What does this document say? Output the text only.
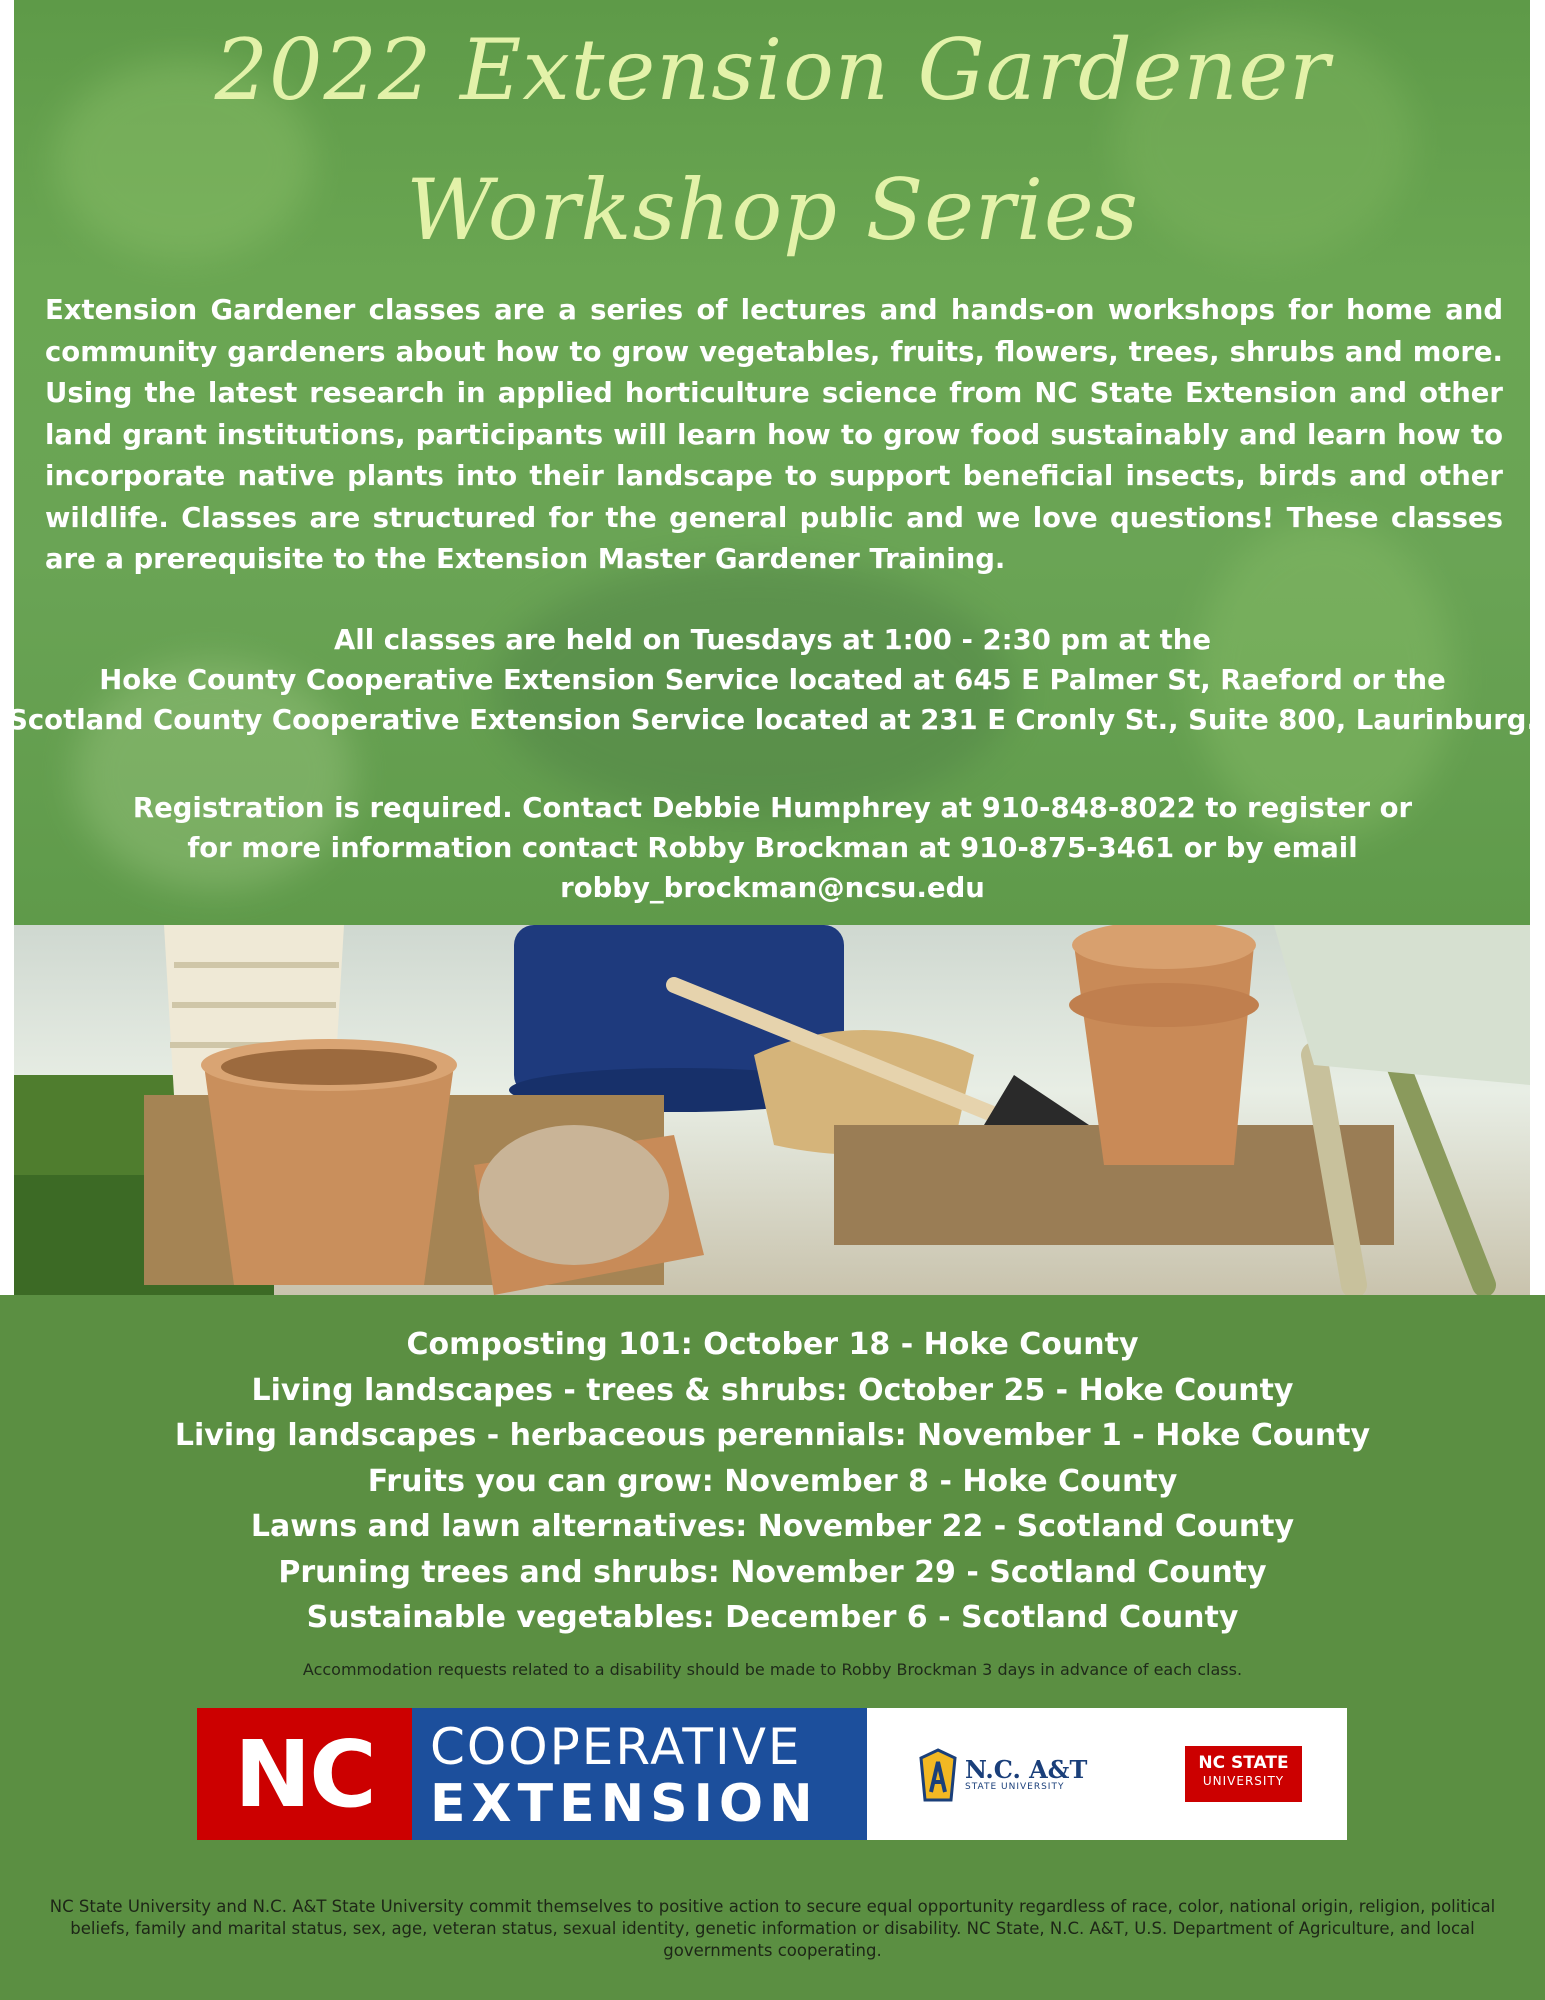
2022 Extension Gardener
Workshop Series
Extension Gardener classes are a series of lectures and hands-on workshops for home and community gardeners about how to grow vegetables, fruits, flowers, trees, shrubs and more. Using the latest research in applied horticulture science from NC State Extension and other land grant institutions, participants will learn how to grow food sustainably and learn how to incorporate native plants into their landscape to support beneficial insects, birds and other wildlife. Classes are structured for the general public and we love questions! These classes are a prerequisite to the Extension Master Gardener Training.
All classes are held on Tuesdays at 1:00 - 2:30 pm at the
Hoke County Cooperative Extension Service located at 645 E Palmer St, Raeford or the
Scotland County Cooperative Extension Service located at 231 E Cronly St., Suite 800, Laurinburg.
Registration is required. Contact Debbie Humphrey at 910-848-8022 to register or
for more information contact Robby Brockman at 910-875-3461 or by email
robby_brockman@ncsu.edu
Composting 101: October 18 - Hoke County
Living landscapes - trees & shrubs: October 25 - Hoke County
Living landscapes - herbaceous perennials: November 1 - Hoke County
Fruits you can grow: November 8 - Hoke County
Lawns and lawn alternatives: November 22 - Scotland County
Pruning trees and shrubs: November 29 - Scotland County
Sustainable vegetables: December 6 - Scotland County
Accommodation requests related to a disability should be made to Robby Brockman 3 days in advance of each class.
NC	COOPERATIVE
EXTENSION
N.C. A&T
STATE UNIVERSITY
NC STATE
UNIVERSITY
NC State University and N.C. A&T State University commit themselves to positive action to secure equal opportunity regardless of race, color, national origin, religion, political beliefs, family and marital status, sex, age, veteran status, sexual identity, genetic information or disability. NC State, N.C. A&T, U.S. Department of Agriculture, and local governments cooperating.
